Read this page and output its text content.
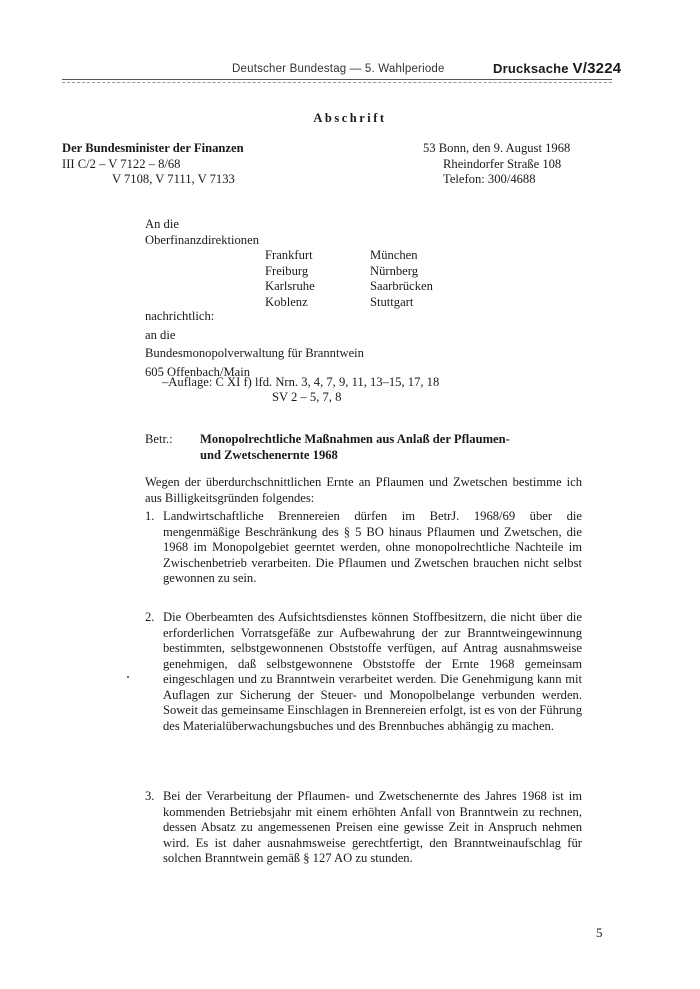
Deutscher Bundestag — 5. Wahlperiode	Drucksache V/3224
Abschrift
Der Bundesminister der Finanzen
III C/2 – V 7122 – 8/68
V 7108, V 7111, V 7133
53 Bonn, den 9. August 1968
Rheindorfer Straße 108
Telefon: 300/4688
An die
Oberfinanzdirektionen
Frankfurt
Freiburg
Karlsruhe
Koblenz
München
Nürnberg
Saarbrücken
Stuttgart
nachrichtlich:
an die
Bundesmonopolverwaltung für Branntwein
605 Offenbach/Main
–Auflage: C XI f) lfd. Nrn. 3, 4, 7, 9, 11, 13–15, 17, 18
SV 2 – 5, 7, 8
Betr.: Monopolrechtliche Maßnahmen aus Anlaß der Pflaumen-
und Zwetschenernte 1968
Wegen der überdurchschnittlichen Ernte an Pflaumen und Zwetschen bestimme ich aus Billigkeitsgründen folgendes:
1. Landwirtschaftliche Brennereien dürfen im BetrJ. 1968/69 über die mengenmäßige Beschränkung des § 5 BO hinaus Pflaumen und Zwetschen, die 1968 im Monopolgebiet geerntet werden, ohne monopolrechtliche Nachteile im Zwischenbetrieb verarbeiten. Die Pflaumen und Zwetschen brauchen nicht selbst gewonnen zu sein.
2. Die Oberbeamten des Aufsichtsdienstes können Stoffbesitzern, die nicht über die erforderlichen Vorratsgefäße zur Aufbewahrung der zur Branntweingewinnung bestimmten, selbstgewonnenen Obststoffe verfügen, auf Antrag ausnahmsweise genehmigen, daß selbstgewonnene Obststoffe der Ernte 1968 gemeinsam eingeschlagen und zu Branntwein verarbeitet werden. Die Genehmigung kann mit Auflagen zur Sicherung der Steuer- und Monopolbelange verbunden werden. Soweit das gemeinsame Einschlagen in Brennereien erfolgt, ist es von der Führung des Materialüberwachungsbuches und des Brennbuches abhängig zu machen.
3. Bei der Verarbeitung der Pflaumen- und Zwetschenernte des Jahres 1968 ist im kommenden Betriebsjahr mit einem erhöhten Anfall von Branntwein zu rechnen, dessen Absatz zu angemessenen Preisen eine gewisse Zeit in Anspruch nehmen wird. Es ist daher ausnahmsweise gerechtfertigt, den Branntweinaufschlag für solchen Branntwein gemäß § 127 AO zu stunden.
5
